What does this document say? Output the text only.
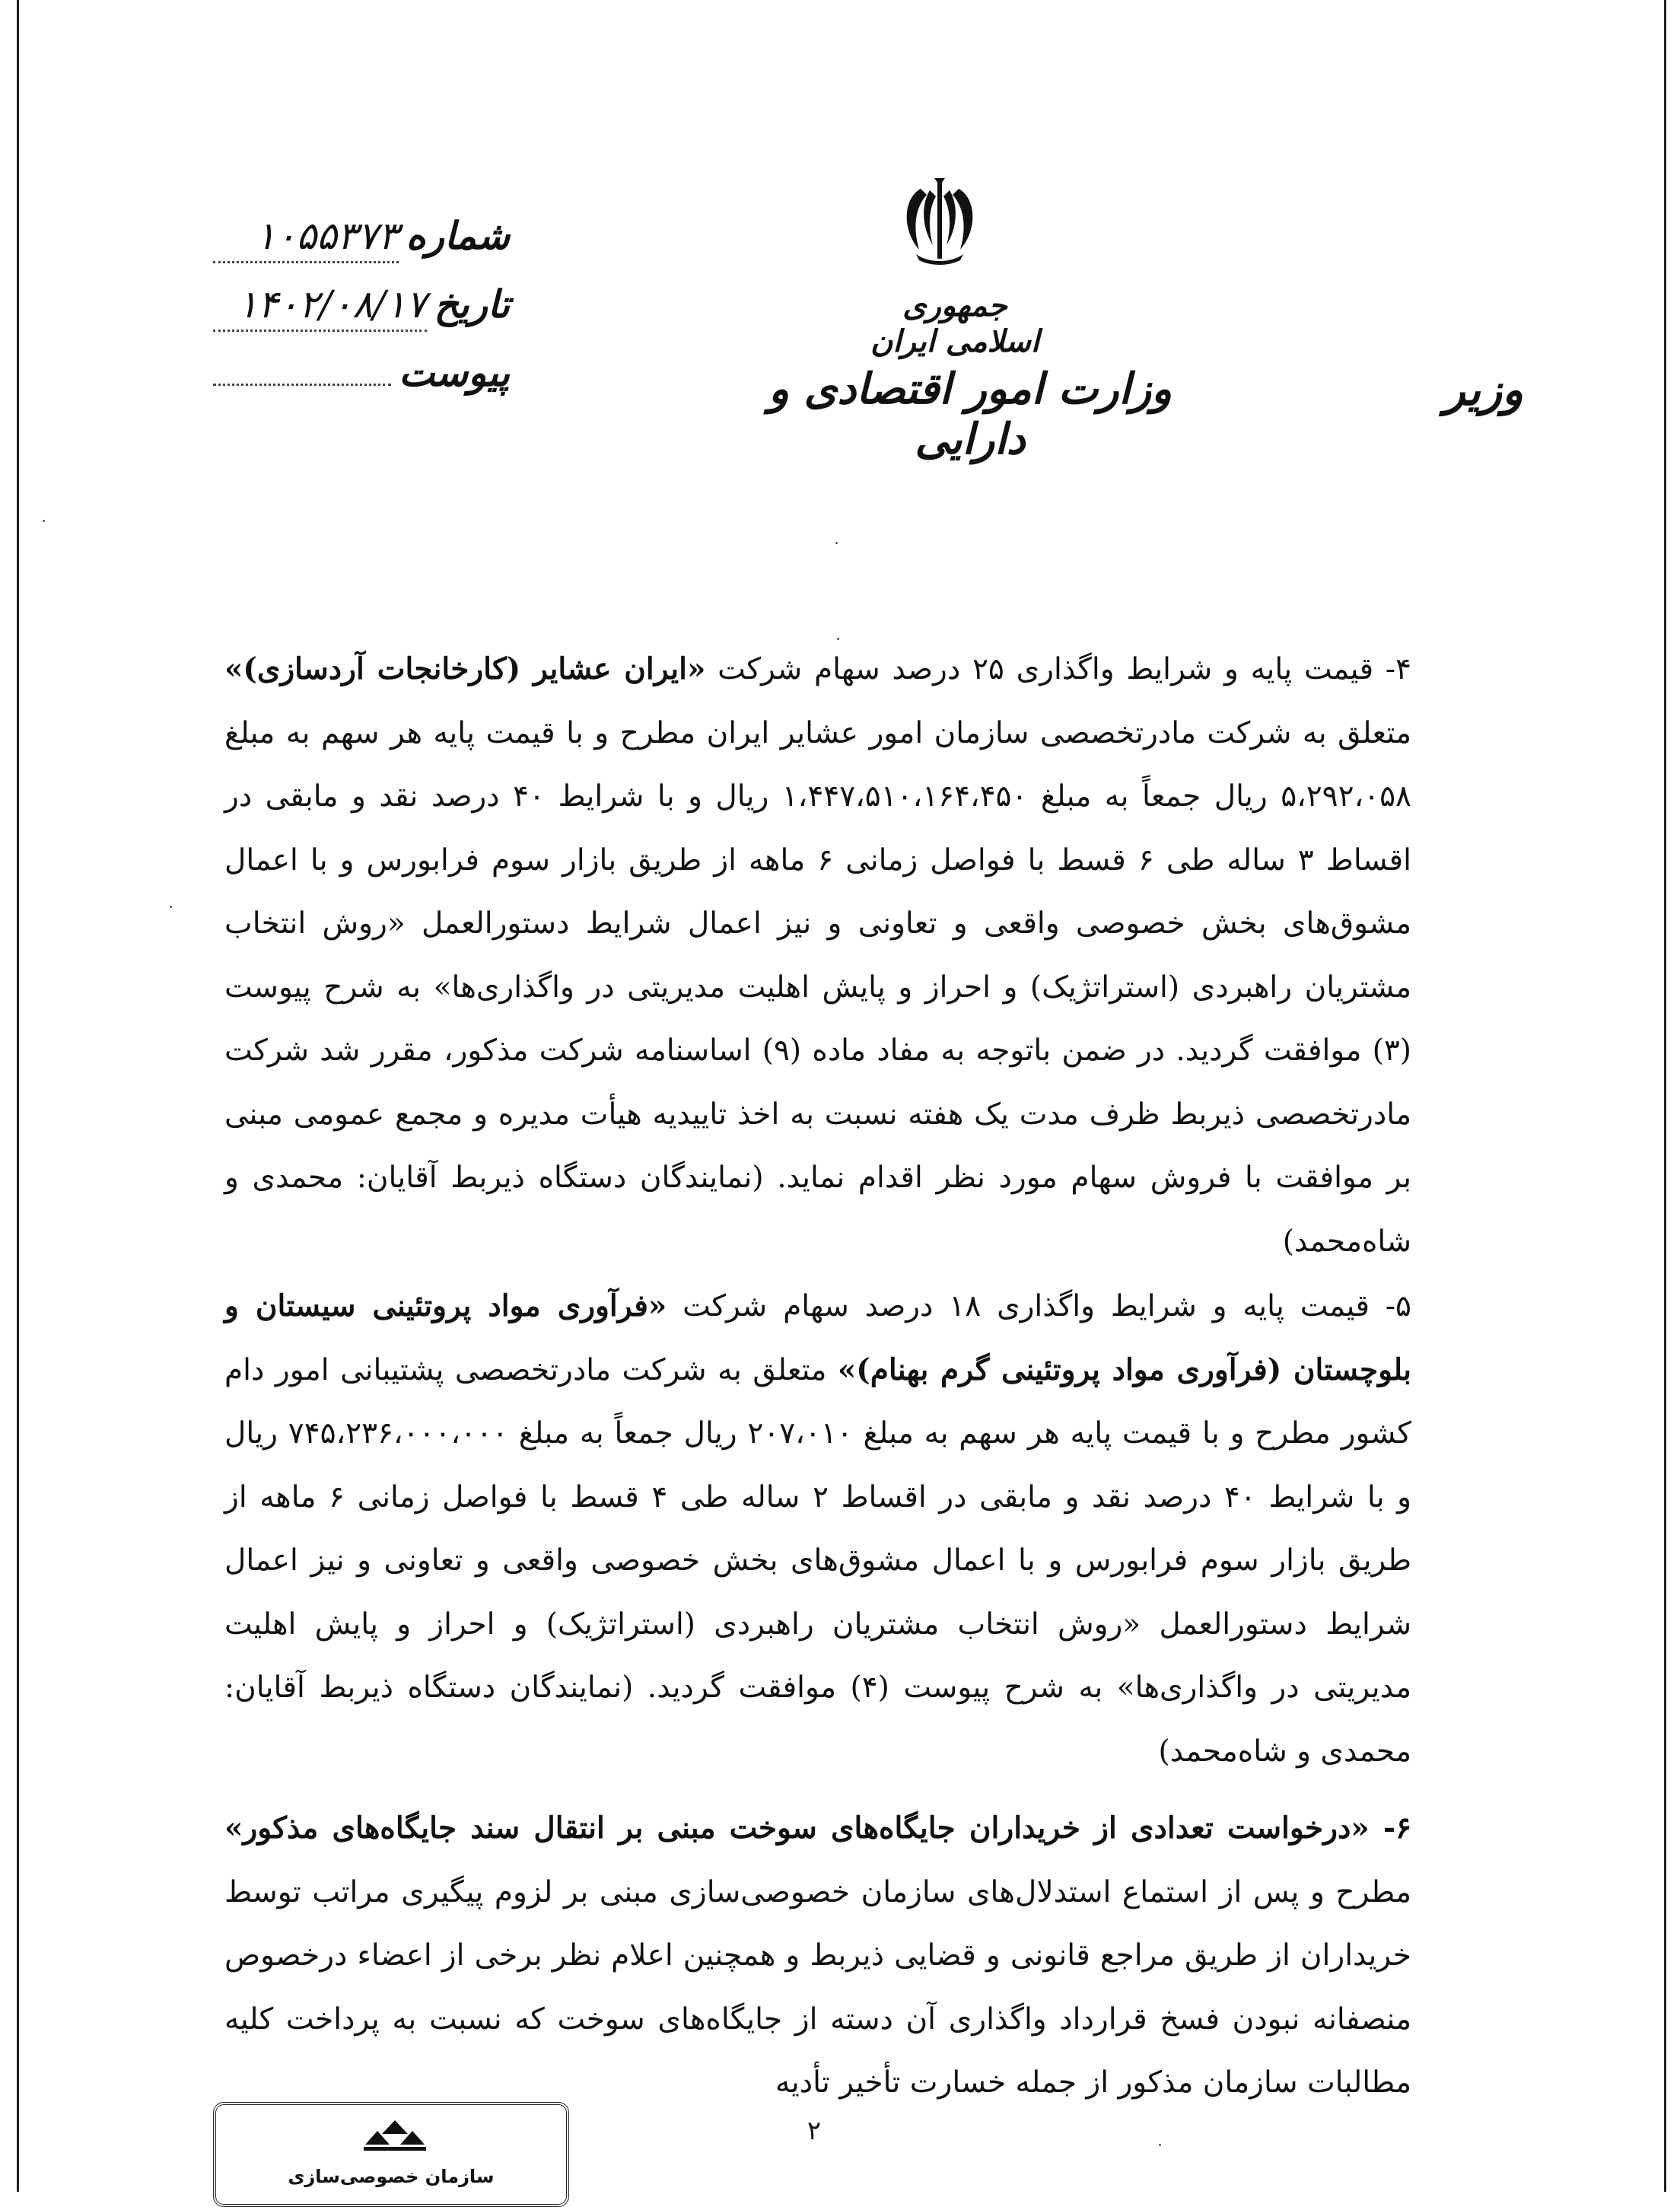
جمهوری اسلامی ایران
وزارت امور اقتصادی و دارایی
وزیر
شماره
۱۰۵۵۳۷۳
تاریخ
۱۴۰۲/۰۸/۱۷
پیوست

۴- قیمت پایه و شرایط واگذاری ۲۵ درصد سهام شرکت «ایران عشایر (کارخانجات آردسازی)» متعلق به شرکت مادرتخصصی سازمان امور عشایر ایران مطرح و با قیمت پایه هر سهم به مبلغ ۵،۲۹۲،۰۵۸ ریال جمعاً به مبلغ ۱،۴۴۷،۵۱۰،۱۶۴،۴۵۰ ریال و با شرایط ۴۰ درصد نقد و مابقی در اقساط ۳ ساله طی ۶ قسط با فواصل زمانی ۶ ماهه از طریق بازار سوم فرابورس و با اعمال مشوق‌های بخش خصوصی واقعی و تعاونی و نیز اعمال شرایط دستورالعمل «روش انتخاب مشتریان راهبردی (استراتژیک) و احراز و پایش اهلیت مدیریتی در واگذاری‌ها» به شرح پیوست (۳) موافقت گردید. در ضمن باتوجه به مفاد ماده (۹) اساسنامه شرکت مذکور، مقرر شد شرکت مادرتخصصی ذیربط ظرف مدت یک هفته نسبت به اخذ تاییدیه هیأت مدیره و مجمع عمومی مبنی بر موافقت با فروش سهام مورد نظر اقدام نماید. (نمایندگان دستگاه ذیربط آقایان: محمدی و شاه‌محمد)

۵- قیمت پایه و شرایط واگذاری ۱۸ درصد سهام شرکت «فرآوری مواد پروتئینی سیستان و بلوچستان (فرآوری مواد پروتئینی گرم بهنام)» متعلق به شرکت مادرتخصصی پشتیبانی امور دام کشور مطرح و با قیمت پایه هر سهم به مبلغ ۲۰۷،۰۱۰ ریال جمعاً به مبلغ ۷۴۵،۲۳۶،۰۰۰،۰۰۰ ریال و با شرایط ۴۰ درصد نقد و مابقی در اقساط ۲ ساله طی ۴ قسط با فواصل زمانی ۶ ماهه از طریق بازار سوم فرابورس و با اعمال مشوق‌های بخش خصوصی واقعی و تعاونی و نیز اعمال شرایط دستورالعمل «روش انتخاب مشتریان راهبردی (استراتژیک) و احراز و پایش اهلیت مدیریتی در واگذاری‌ها» به شرح پیوست (۴) موافقت گردید. (نمایندگان دستگاه ذیربط آقایان: محمدی و شاه‌محمد)

۶- «درخواست تعدادی از خریداران جایگاه‌های سوخت مبنی بر انتقال سند جایگاه‌های مذکور» مطرح و پس از استماع استدلال‌های سازمان خصوصی‌سازی مبنی بر لزوم پیگیری مراتب توسط خریداران از طریق مراجع قانونی و قضایی ذیربط و همچنین اعلام نظر برخی از اعضاء درخصوص منصفانه نبودن فسخ قرارداد واگذاری آن دسته از جایگاه‌های سوخت که نسبت به پرداخت کلیه مطالبات سازمان مذکور از جمله خسارت تأخیر تأدیه

۲
سازمان خصوصی‌سازی
